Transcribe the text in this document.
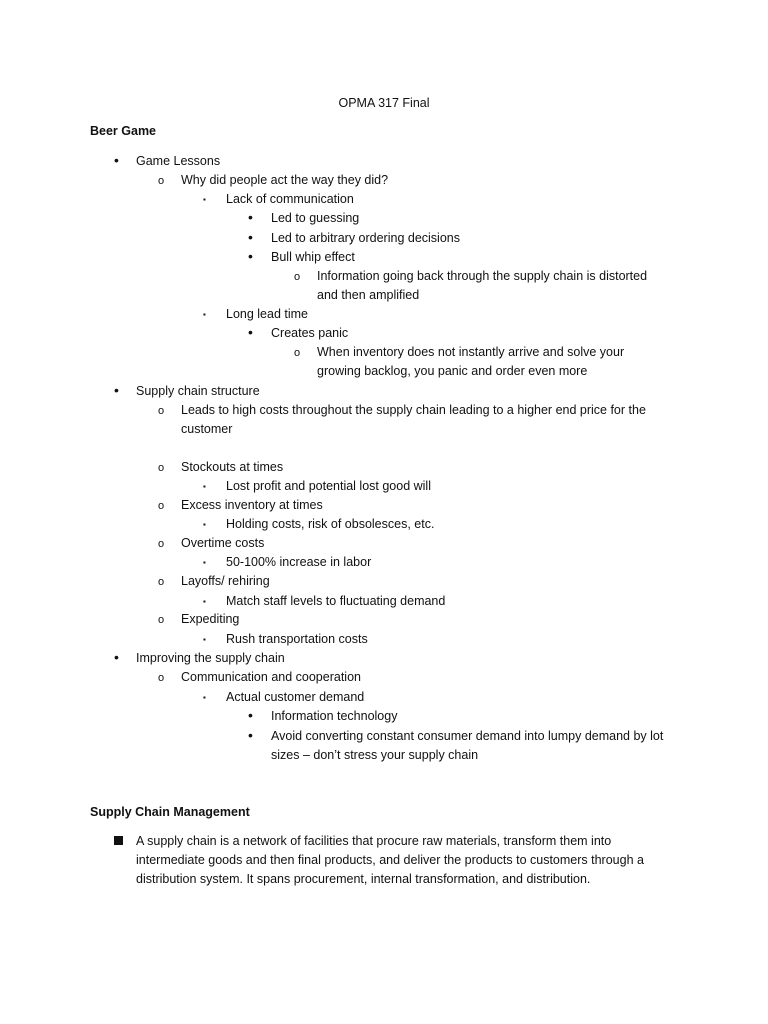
OPMA 317 Final
Beer Game
• Game Lessons
o Why did people act the way they did?
▪ Lack of communication
• Led to guessing
• Led to arbitrary ordering decisions
• Bull whip effect
o Information going back through the supply chain is distorted
and then amplified
▪ Long lead time
• Creates panic
o When inventory does not instantly arrive and solve your
growing backlog, you panic and order even more
• Supply chain structure
o Leads to high costs throughout the supply chain leading to a higher end price for the
customer
o Stockouts at times
▪ Lost profit and potential lost good will
o Excess inventory at times
▪ Holding costs, risk of obsolesces, etc.
o Overtime costs
▪ 50-100% increase in labor
o Layoffs/ rehiring
▪ Match staff levels to fluctuating demand
o Expediting
▪ Rush transportation costs
• Improving the supply chain
o Communication and cooperation
▪ Actual customer demand
• Information technology
• Avoid converting constant consumer demand into lumpy demand by lot
sizes – don’t stress your supply chain
Supply Chain Management
A supply chain is a network of facilities that procure raw materials, transform them into
intermediate goods and then final products, and deliver the products to customers through a
distribution system. It spans procurement, internal transformation, and distribution.
